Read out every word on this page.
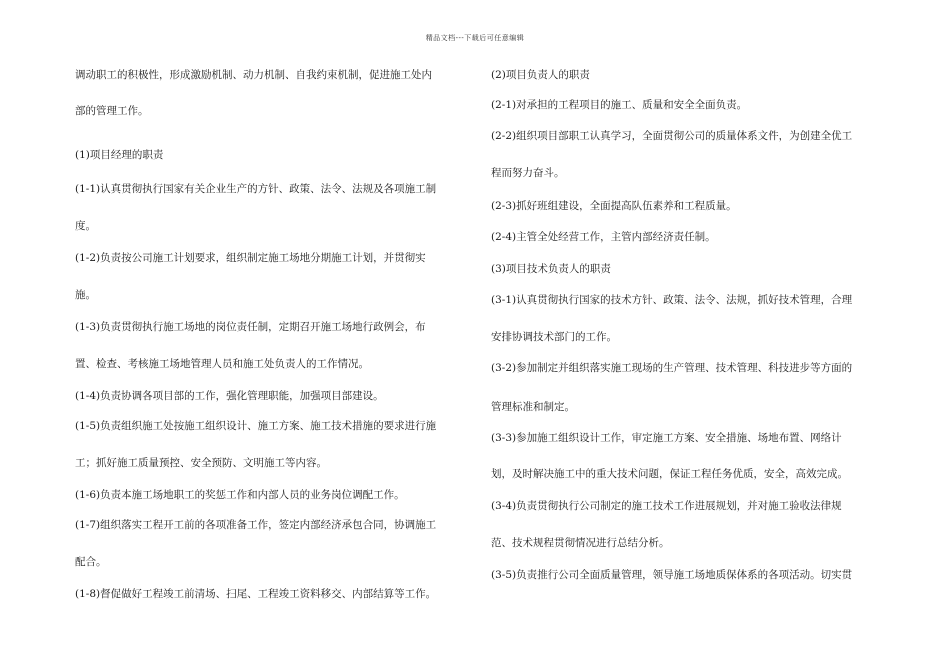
精品文档---下载后可任意编辑
调动职工的积极性，形成激励机制、动力机制、自我约束机制，促进施工处内
部的管理工作。
(1)项目经理的职责
(1-1)认真贯彻执行国家有关企业生产的方针、政策、法令、法规及各项施工制
度。
(1-2)负责按公司施工计划要求，组织制定施工场地分期施工计划，并贯彻实
施。
(1-3)负责贯彻执行施工场地的岗位责任制，定期召开施工场地行政例会，布
置、检查、考核施工场地管理人员和施工处负责人的工作情况。
(1-4)负责协调各项目部的工作，强化管理职能，加强项目部建设。
(1-5)负责组织施工处按施工组织设计、施工方案、施工技术措施的要求进行施
工；抓好施工质量预控、安全预防、文明施工等内容。
(1-6)负责本施工场地职工的奖惩工作和内部人员的业务岗位调配工作。
(1-7)组织落实工程开工前的各项准备工作，签定内部经济承包合同，协调施工
配合。
(1-8)督促做好工程竣工前清场、扫尾、工程竣工资料移交、内部结算等工作。
(2)项目负责人的职责
(2-1)对承担的工程项目的施工、质量和安全全面负责。
(2-2)组织项目部职工认真学习，全面贯彻公司的质量体系文件，为创建全优工
程而努力奋斗。
(2-3)抓好班组建设，全面提高队伍素养和工程质量。
(2-4)主管全处经营工作，主管内部经济责任制。
(3)项目技术负责人的职责
(3-1)认真贯彻执行国家的技术方针、政策、法令、法规，抓好技术管理，合理
安排协调技术部门的工作。
(3-2)参加制定并组织落实施工现场的生产管理、技术管理、科技进步等方面的
管理标准和制定。
(3-3)参加施工组织设计工作，审定施工方案、安全措施、场地布置、网络计
划，及时解决施工中的重大技术问题，保证工程任务优质，安全，高效完成。
(3-4)负责贯彻执行公司制定的施工技术工作进展规划，并对施工验收法律规
范、技术规程贯彻情况进行总结分析。
(3-5)负责推行公司全面质量管理，领导施工场地质保体系的各项活动。切实贯
